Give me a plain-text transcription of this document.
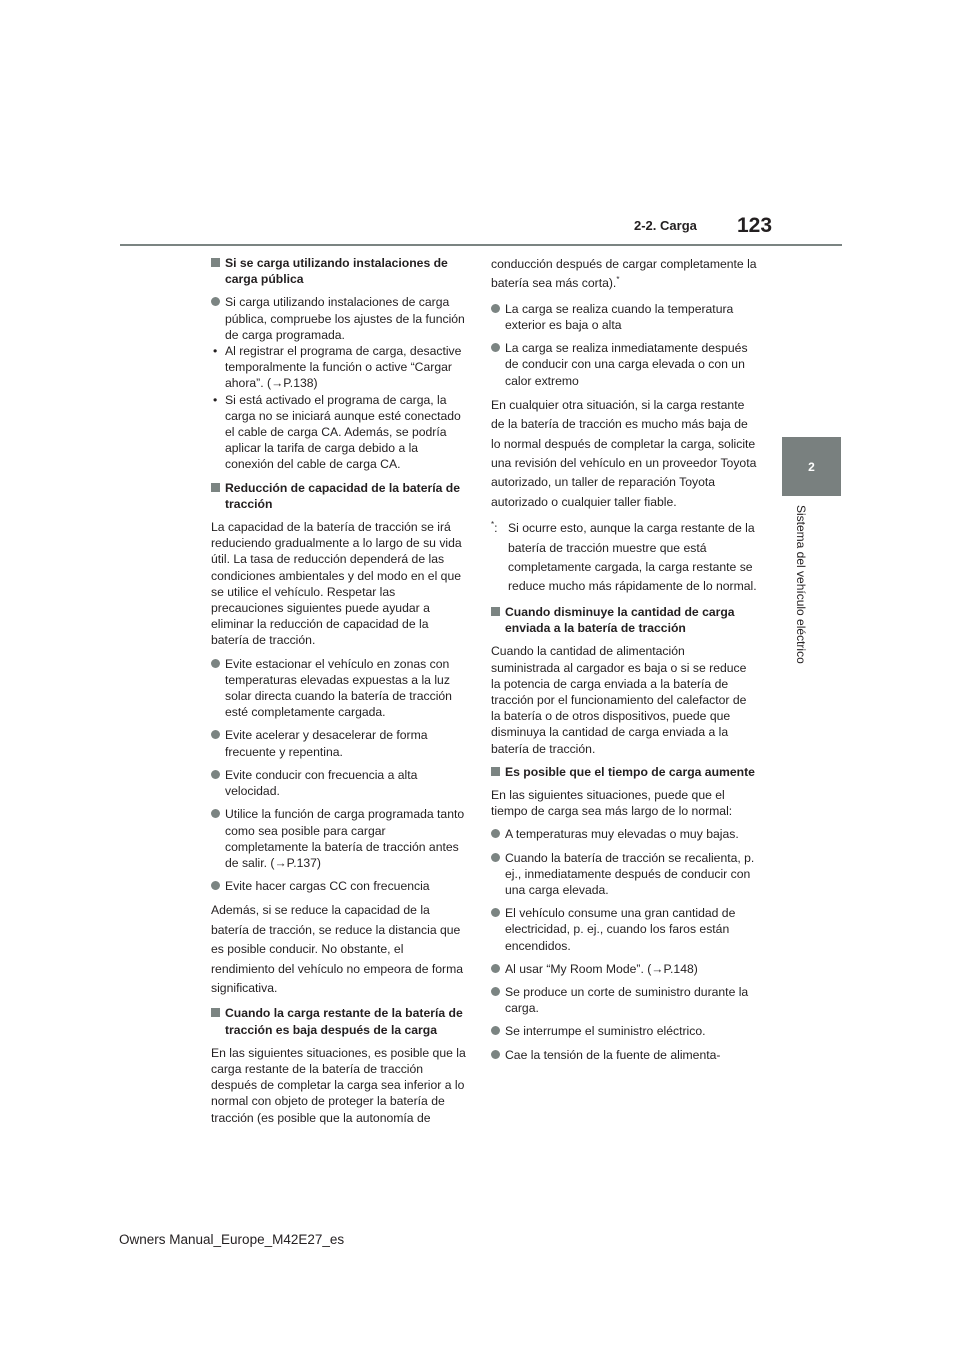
2-2. Carga 123
2
Sistema del vehículo eléctrico
Si se carga utilizando instalaciones de carga pública
Si carga utilizando instalaciones de carga pública, compruebe los ajustes de la función de carga programada.
• Al registrar el programa de carga, desactive temporalmente la función o active “Cargar ahora”. (→P.138)
• Si está activado el programa de carga, la carga no se iniciará aunque esté conectado el cable de carga CA. Además, se podría aplicar la tarifa de carga debido a la conexión del cable de carga CA.
Reducción de capacidad de la batería de tracción
La capacidad de la batería de tracción se irá reduciendo gradualmente a lo largo de su vida útil. La tasa de reducción dependerá de las condiciones ambientales y del modo en el que se utilice el vehículo. Respetar las precauciones siguientes puede ayudar a eliminar la reducción de capacidad de la batería de tracción.
Evite estacionar el vehículo en zonas con temperaturas elevadas expuestas a la luz solar directa cuando la batería de tracción esté completamente cargada.
Evite acelerar y desacelerar de forma frecuente y repentina.
Evite conducir con frecuencia a alta velocidad.
Utilice la función de carga programada tanto como sea posible para cargar completamente la batería de tracción antes de salir. (→P.137)
Evite hacer cargas CC con frecuencia
Además, si se reduce la capacidad de la batería de tracción, se reduce la distancia que es posible conducir. No obstante, el rendimiento del vehículo no empeora de forma significativa.
Cuando la carga restante de la batería de tracción es baja después de la carga
En las siguientes situaciones, es posible que la carga restante de la batería de tracción después de completar la carga sea inferior a lo normal con objeto de proteger la batería de tracción (es posible que la autonomía de
conducción después de cargar completamente la batería sea más corta).*
La carga se realiza cuando la temperatura exterior es baja o alta
La carga se realiza inmediatamente después de conducir con una carga elevada o con un calor extremo
En cualquier otra situación, si la carga restante de la batería de tracción es mucho más baja de lo normal después de completar la carga, solicite una revisión del vehículo en un proveedor Toyota autorizado, un taller de reparación Toyota autorizado o cualquier taller fiable.
*: Si ocurre esto, aunque la carga restante de la batería de tracción muestre que está completamente cargada, la carga restante se reduce mucho más rápidamente de lo normal.
Cuando disminuye la cantidad de carga enviada a la batería de tracción
Cuando la cantidad de alimentación suministrada al cargador es baja o si se reduce la potencia de carga enviada a la batería de tracción por el funcionamiento del calefactor de la batería o de otros dispositivos, puede que disminuya la cantidad de carga enviada a la batería de tracción.
Es posible que el tiempo de carga aumente
En las siguientes situaciones, puede que el tiempo de carga sea más largo de lo normal:
A temperaturas muy elevadas o muy bajas.
Cuando la batería de tracción se recalienta, p. ej., inmediatamente después de conducir con una carga elevada.
El vehículo consume una gran cantidad de electricidad, p. ej., cuando los faros están encendidos.
Al usar “My Room Mode”. (→P.148)
Se produce un corte de suministro durante la carga.
Se interrumpe el suministro eléctrico.
Cae la tensión de la fuente de alimenta-
Owners Manual_Europe_M42E27_es
